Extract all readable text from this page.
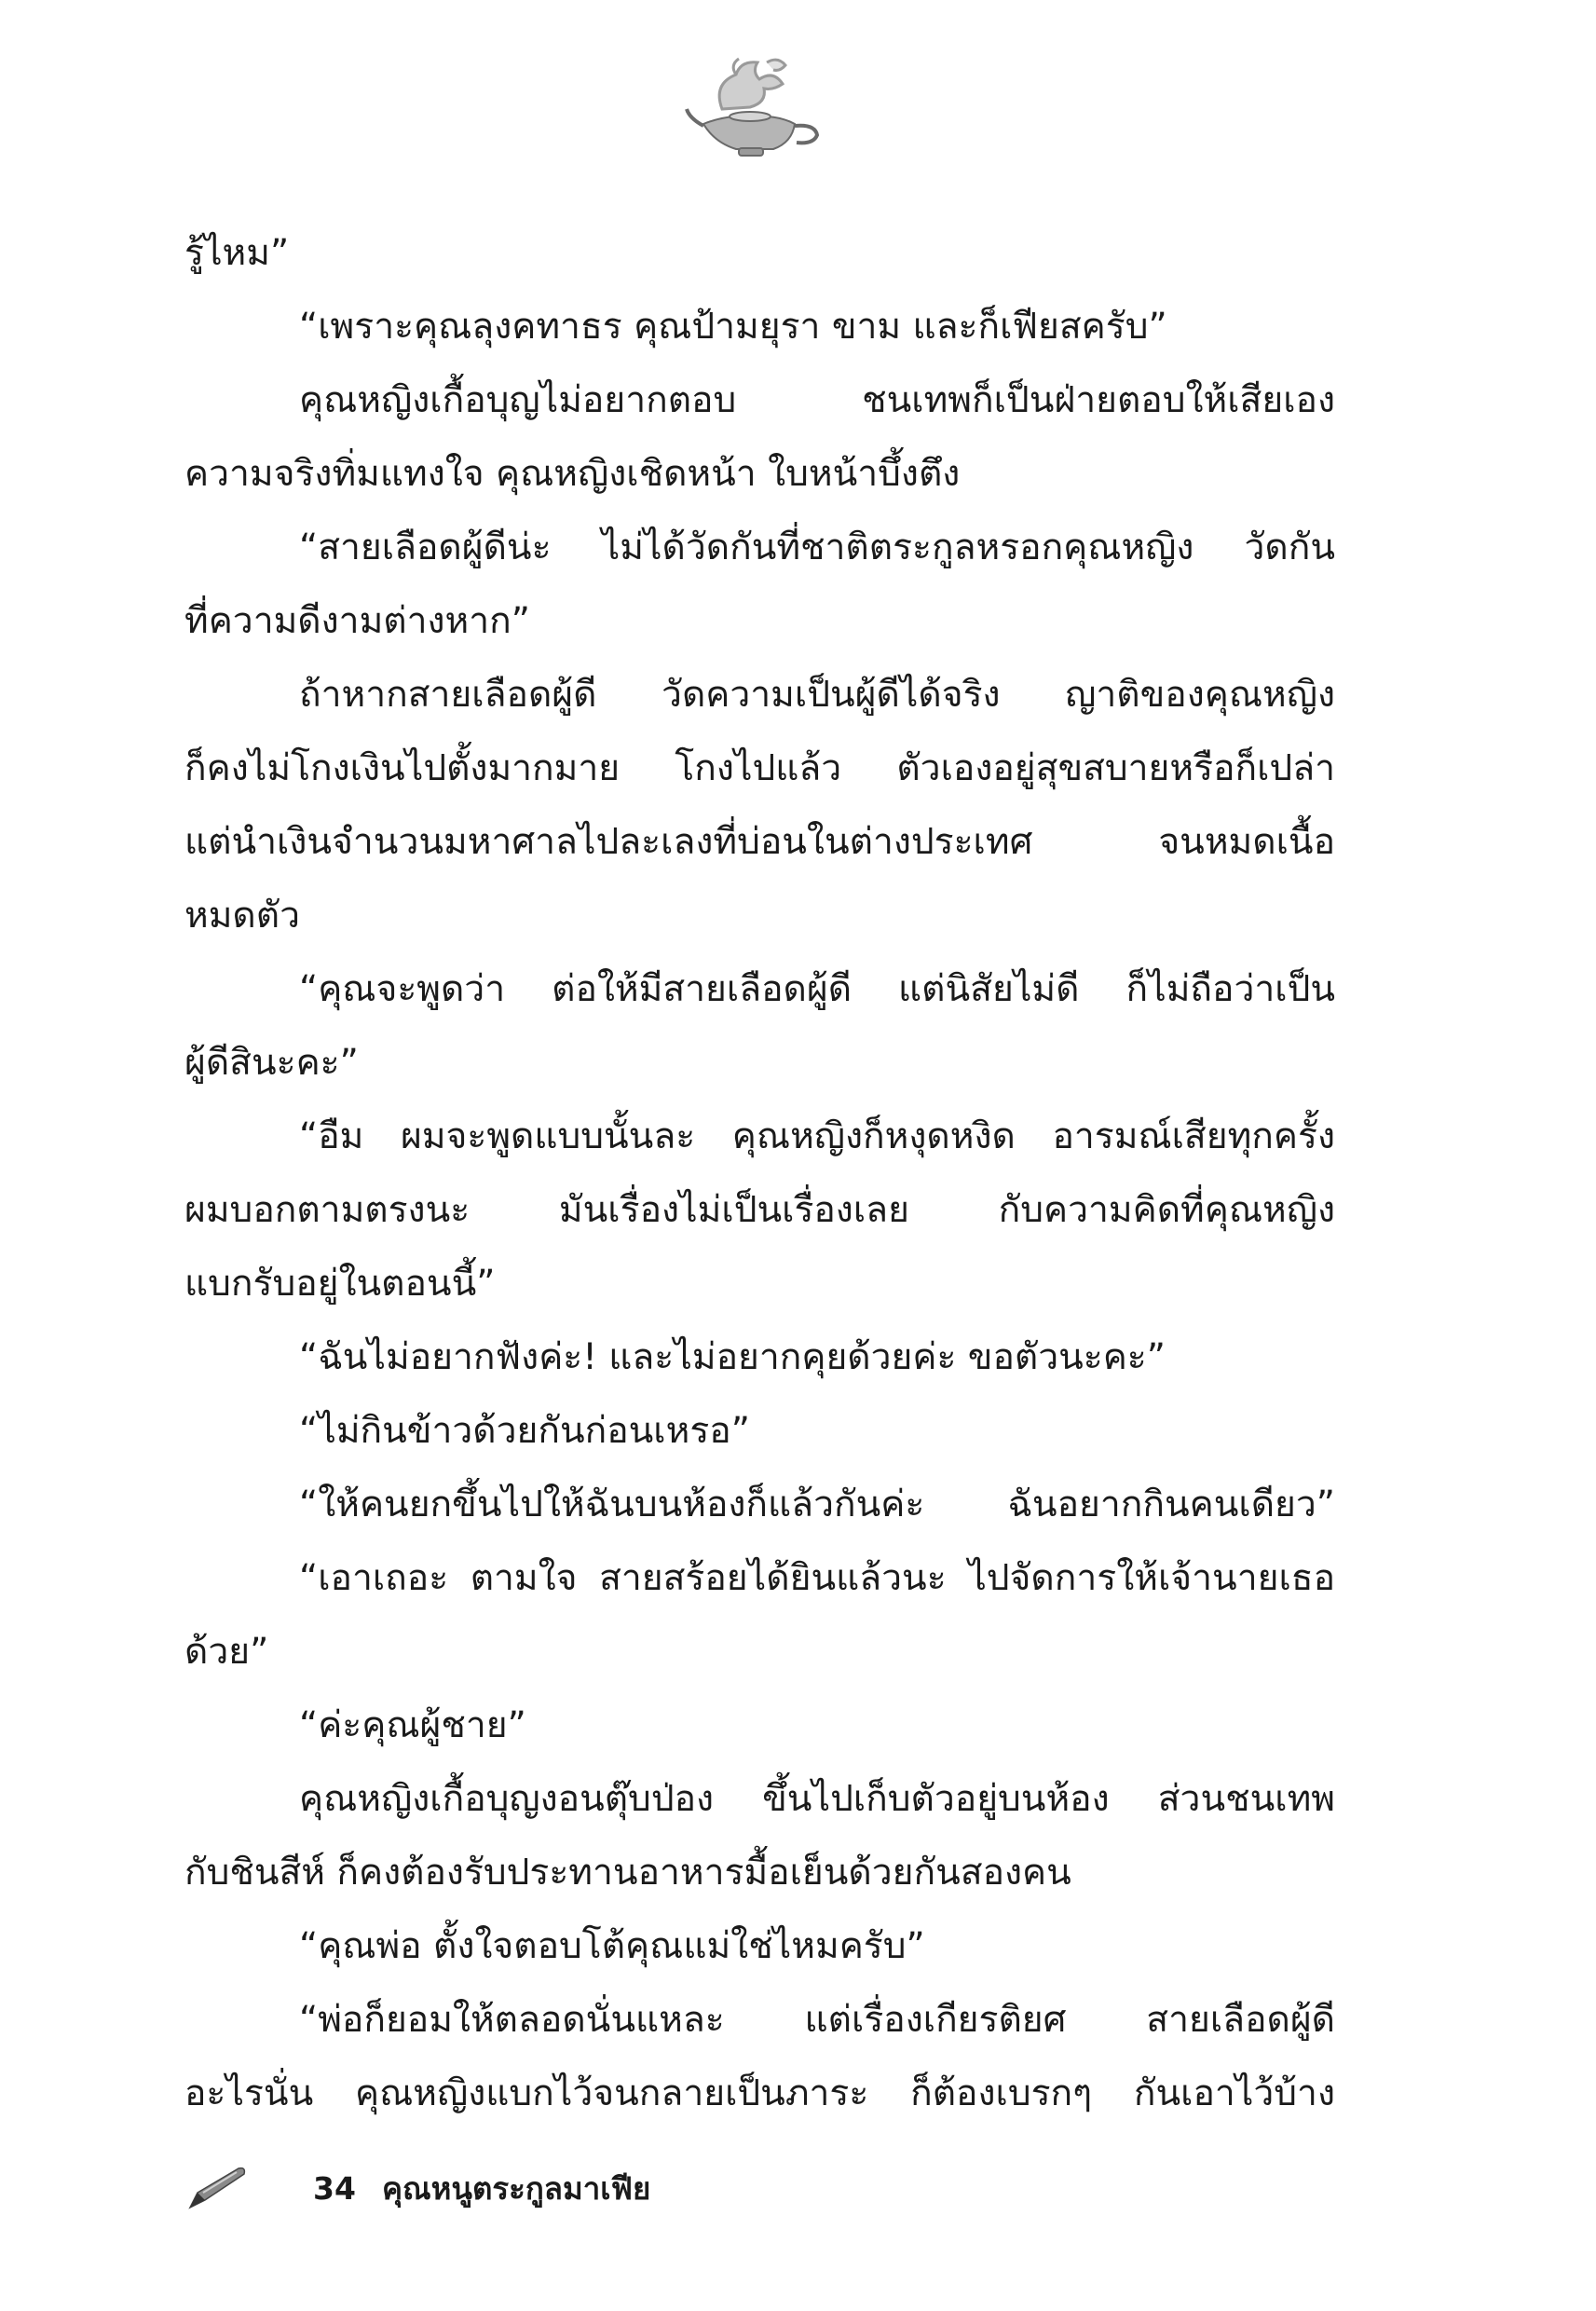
รู้ไหม”
“เพราะคุณลุงคทาธร คุณป้ามยุรา ขาม และก็เฟียสครับ”
คุณหญิงเกื้อบุญไม่อยากตอบ ชนเทพก็เป็นฝ่ายตอบให้เสียเอง
ความจริงทิ่มแทงใจ คุณหญิงเชิดหน้า ใบหน้าบึ้งตึง
“สายเลือดผู้ดีน่ะ ไม่ได้วัดกันที่ชาติตระกูลหรอกคุณหญิง วัดกัน
ที่ความดีงามต่างหาก”
ถ้าหากสายเลือดผู้ดี วัดความเป็นผู้ดีได้จริง ญาติของคุณหญิง
ก็คงไม่โกงเงินไปตั้งมากมาย โกงไปแล้ว ตัวเองอยู่สุขสบายหรือก็เปล่า
แต่นำเงินจำนวนมหาศาลไปละเลงที่บ่อนในต่างประเทศ จนหมดเนื้อ
หมดตัว
“คุณจะพูดว่า ต่อให้มีสายเลือดผู้ดี แต่นิสัยไม่ดี ก็ไม่ถือว่าเป็น
ผู้ดีสินะคะ”
“อืม ผมจะพูดแบบนั้นละ คุณหญิงก็หงุดหงิด อารมณ์เสียทุกครั้ง
ผมบอกตามตรงนะ มันเรื่องไม่เป็นเรื่องเลย กับความคิดที่คุณหญิง
แบกรับอยู่ในตอนนี้”
“ฉันไม่อยากฟังค่ะ! และไม่อยากคุยด้วยค่ะ ขอตัวนะคะ”
“ไม่กินข้าวด้วยกันก่อนเหรอ”
“ให้คนยกขึ้นไปให้ฉันบนห้องก็แล้วกันค่ะ ฉันอยากกินคนเดียว”
“เอาเถอะ ตามใจ สายสร้อยได้ยินแล้วนะ ไปจัดการให้เจ้านายเธอ
ด้วย”
“ค่ะคุณผู้ชาย”
คุณหญิงเกื้อบุญงอนตุ๊บป่อง ขึ้นไปเก็บตัวอยู่บนห้อง ส่วนชนเทพ
กับชินสีห์ ก็คงต้องรับประทานอาหารมื้อเย็นด้วยกันสองคน
“คุณพ่อ ตั้งใจตอบโต้คุณแม่ใช่ไหมครับ”
“พ่อก็ยอมให้ตลอดนั่นแหละ แต่เรื่องเกียรติยศ สายเลือดผู้ดี
อะไรนั่น คุณหญิงแบกไว้จนกลายเป็นภาระ ก็ต้องเบรกๆ กันเอาไว้บ้าง
34 คุณหนูตระกูลมาเฟีย
